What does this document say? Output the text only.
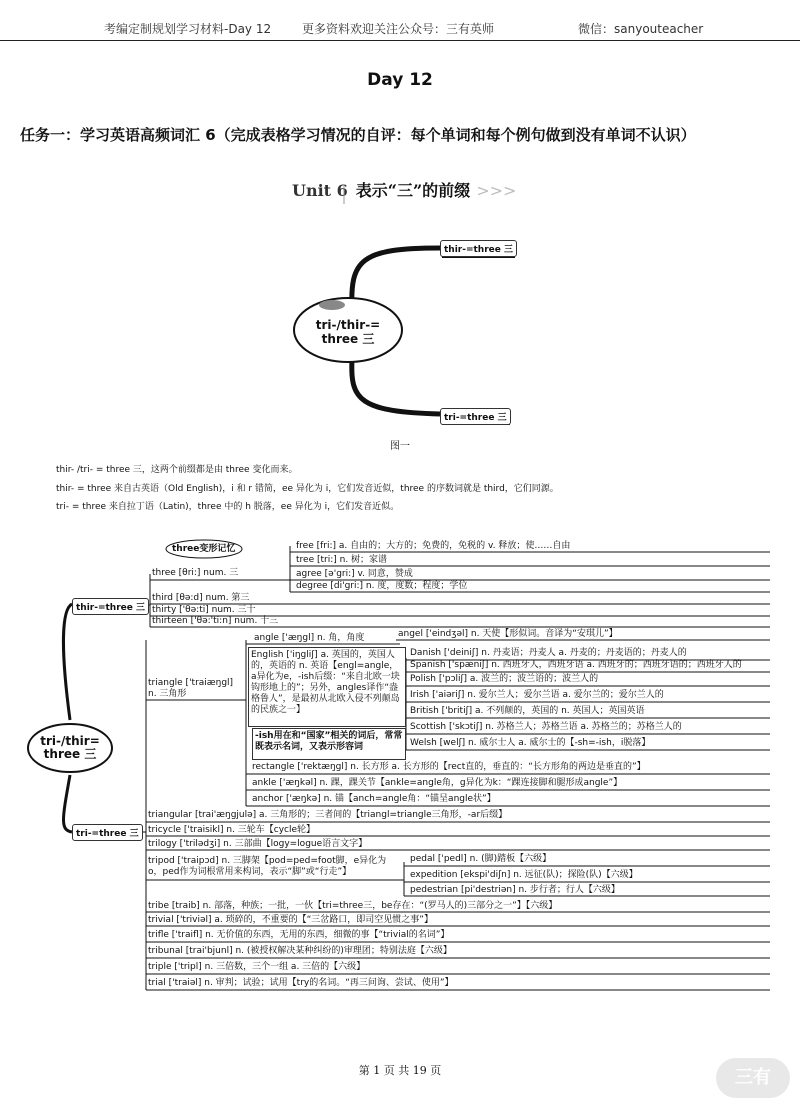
考编定制规划学习材料-Day 12	更多资料欢迎关注公众号：三有英师	微信：sanyouteacher
Day 12
任务一：学习英语高频词汇 6（完成表格学习情况的自评：每个单词和每个例句做到没有单词不认识）
Unit 6 表示“三”的前缀 >>>
tri-/thir-=
three 三
thir-=three 三
tri-=three 三
图一
thir- /tri- = three 三，这两个前缀都是由 three 变化而来。
thir- = three 来自古英语（Old English)，i 和 r 错简，ee 异化为 i，它们发音近似，three 的序数词就是 third，它们同源。
tri- = three 来自拉丁语（Latin)，three 中的 h 脱落，ee 异化为 i，它们发音近似。
tri-/thir=
three 三
thir-=three 三
tri-=three 三
three变形记忆
three [θri:] num. 三
free [fri:] a. 自由的；大方的；免费的，免税的 v. 释放；使……自由
tree [tri:] n. 树；家谱
agree [ə'gri:] v. 同意，赞成
degree [di'gri:] n. 度，度数；程度；学位
third [θə:d] num. 第三
thirty ['θə:ti] num. 三十
thirteen ['θə:'ti:n] num. 十三
angle ['æŋgl] n. 角，角度	angel ['eindʒəl] n. 天使【形似词。音译为“安琪儿”】
English ['iŋgliʃ] a. 英国的，英国人的，英语的 n. 英语【engl=angle，a异化为e，-ish后缀：“来自北欧一块钩形地上的”；另外，angles译作“盎格鲁人”，是最初从北欧入侵不列颠岛的民族之一】
triangle ['traiæŋgl]
n. 三角形
Danish ['deiniʃ] n. 丹麦语；丹麦人 a. 丹麦的；丹麦语的；丹麦人的
Spanish ['spæniʃ] n. 西班牙人，西班牙语 a. 西班牙的；西班牙语的；西班牙人的
Polish ['pɔliʃ] a. 波兰的；波兰语的；波兰人的
Irish ['aiəriʃ] n. 爱尔兰人；爱尔兰语 a. 爱尔兰的；爱尔兰人的
British ['britiʃ] a. 不列颠的，英国的 n. 英国人；英国英语
Scottish ['skɔtiʃ] n. 苏格兰人；苏格兰语 a. 苏格兰的；苏格兰人的
Welsh [welʃ] n. 威尔士人 a. 威尔士的【-sh=-ish，i脱落】
-ish用在和“国家”相关的词后，常常既表示名词，又表示形容词
rectangle ['rektæŋgl] n. 长方形 a. 长方形的【rect直的，垂直的：“长方形角的两边是垂直的”】
ankle ['æŋkəl] n. 踝，踝关节【ankle=angle角，g异化为k：“踝连接脚和腿形成angle”】
anchor ['æŋkə] n. 锚【anch=angle角：“锚呈angle状”】
triangular [trai'æŋgjulə] a. 三角形的；三者间的【triangl=triangle三角形，-ar后缀】
tricycle ['traisikl] n. 三轮车【cycle轮】
trilogy ['trilədʒi] n. 三部曲【logy=logue语言文字】
tripod ['traipɔd] n. 三脚架【pod=ped=foot脚，e异化为o，ped作为词根常用来构词，表示“脚”或“行走”】
pedal ['pedl] n. (脚)踏板【六级】
expedition [ekspi'diʃn] n. 远征(队)；探险(队)【六级】
pedestrian [pi'destriən] n. 步行者；行人【六级】
tribe [traib] n. 部落，种族；一批，一伙【tri=three三，be存在：“(罗马人的)三部分之一”】【六级】
trivial ['triviəl] a. 琐碎的，不重要的【“三岔路口，即司空见惯之事”】
trifle ['traifl] n. 无价值的东西，无用的东西，细微的事【“trivial的名词”】
tribunal [trai'bjunl] n. (被授权解决某种纠纷的)审理团；特别法庭【六级】
triple ['tripl] n. 三倍数，三个一组 a. 三倍的【六级】
trial ['traiəl] n. 审判；试验；试用【try的名词。“再三问询、尝试、使用”】
第 1 页 共 19 页	三有
